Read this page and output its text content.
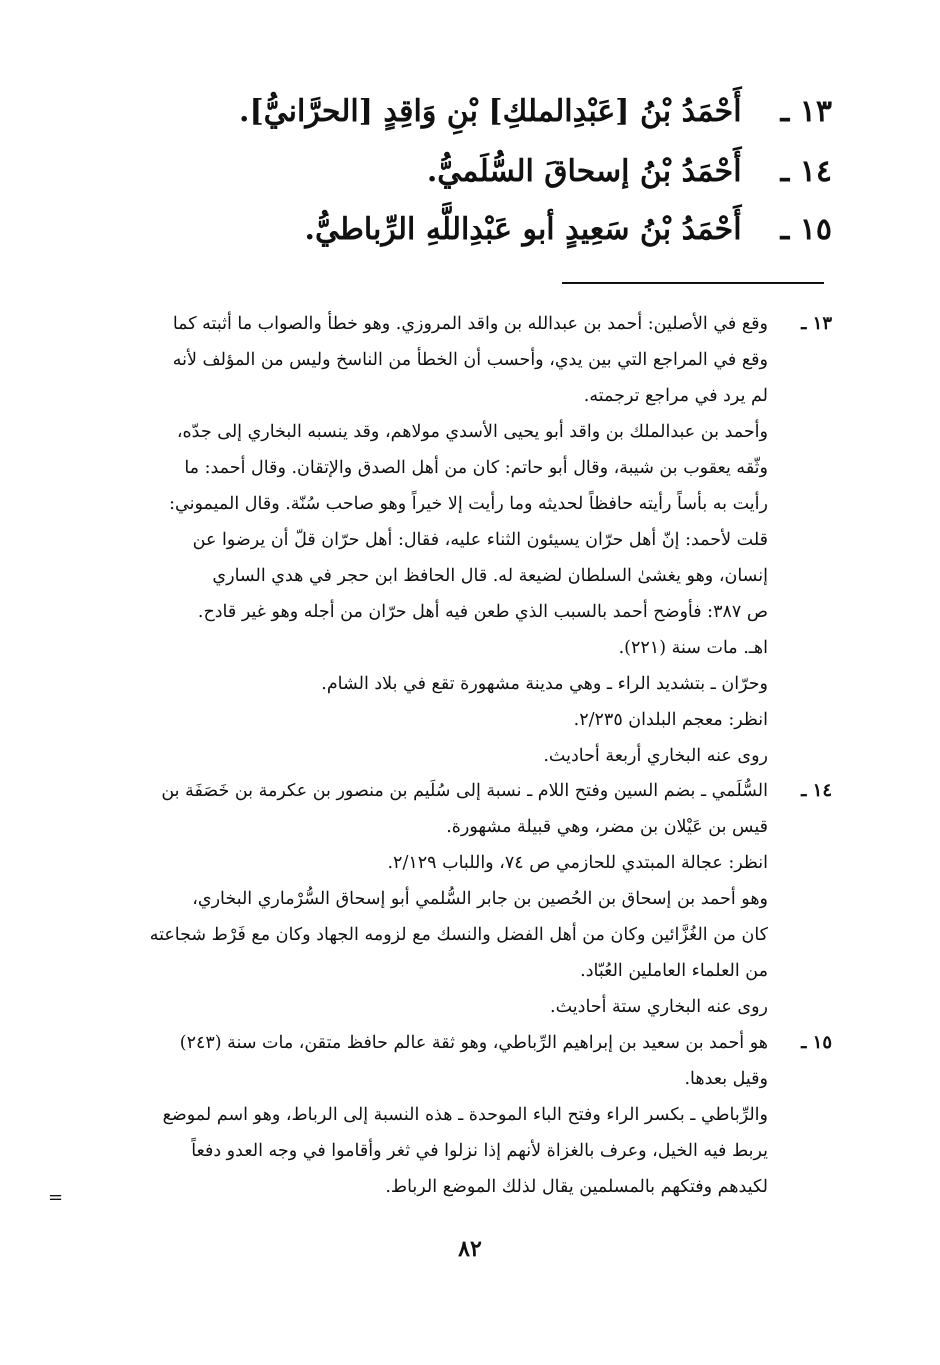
١٣ ـ أَحْمَدُ بْنُ [عَبْدِالملكِ] بْنِ وَاقِدٍ [الحرَّانيُّ].
١٤ ـ أَحْمَدُ بْنُ إسحاقَ السُّلَميُّ.
١٥ ـ أَحْمَدُ بْنُ سَعِيدٍ أبو عَبْدِاللَّهِ الرِّباطيُّ.
١٣ ـ
١٤ ـ
١٥ ـ
وقع في الأصلين: أحمد بن عبدالله بن واقد المروزي. وهو خطأ والصواب ما أثبته كما
وقع في المراجع التي بين يدي، وأحسب أن الخطأ من الناسخ وليس من المؤلف لأنه
لم يرد في مراجع ترجمته.
وأحمد بن عبدالملك بن واقد أبو يحيى الأسدي مولاهم، وقد ينسبه البخاري إلى جدّه،
وثّقه يعقوب بن شيبة، وقال أبو حاتم: كان من أهل الصدق والإتقان. وقال أحمد: ما
رأيت به بأساً رأيته حافظاً لحديثه وما رأيت إلا خيراً وهو صاحب سُنّة. وقال الميموني:
قلت لأحمد: إنّ أهل حرّان يسيئون الثناء عليه، فقال: أهل حرّان قلّ أن يرضوا عن
إنسان، وهو يغشىٰ السلطان لضيعة له. قال الحافظ ابن حجر في هدي الساري
ص ٣٨٧: فأوضح أحمد بالسبب الذي طعن فيه أهل حرّان من أجله وهو غير قادح.
اهـ. مات سنة (٢٢١).
وحرّان ـ بتشديد الراء ـ وهي مدينة مشهورة تقع في بلاد الشام.
انظر: معجم البلدان ٢/٢٣٥.
روى عنه البخاري أربعة أحاديث.
السُّلَمي ـ بضم السين وفتح اللام ـ نسبة إلى سُلَيم بن منصور بن عكرمة بن خَصَفَة بن
قيس بن عَيْلان بن مضر، وهي قبيلة مشهورة.
انظر: عجالة المبتدي للحازمي ص ٧٤، واللباب ٢/١٢٩.
وهو أحمد بن إسحاق بن الحُصين بن جابر السُّلمي أبو إسحاق السُّرْماري البخاري،
كان من الغُزَّائين وكان من أهل الفضل والنسك مع لزومه الجهاد وكان مع فَرْط شجاعته
من العلماء العاملين العُبّاد.
روى عنه البخاري ستة أحاديث.
هو أحمد بن سعيد بن إبراهيم الرِّباطي، وهو ثقة عالم حافظ متقن، مات سنة (٢٤٣)
وقيل بعدها.
والرِّباطي ـ بكسر الراء وفتح الباء الموحدة ـ هذه النسبة إلى الرباط، وهو اسم لموضع
يربط فيه الخيل، وعرف بالغزاة لأنهم إذا نزلوا في ثغر وأقاموا في وجه العدو دفعاً
لكيدهم وفتكهم بالمسلمين يقال لذلك الموضع الرباط.
=
٨٢
